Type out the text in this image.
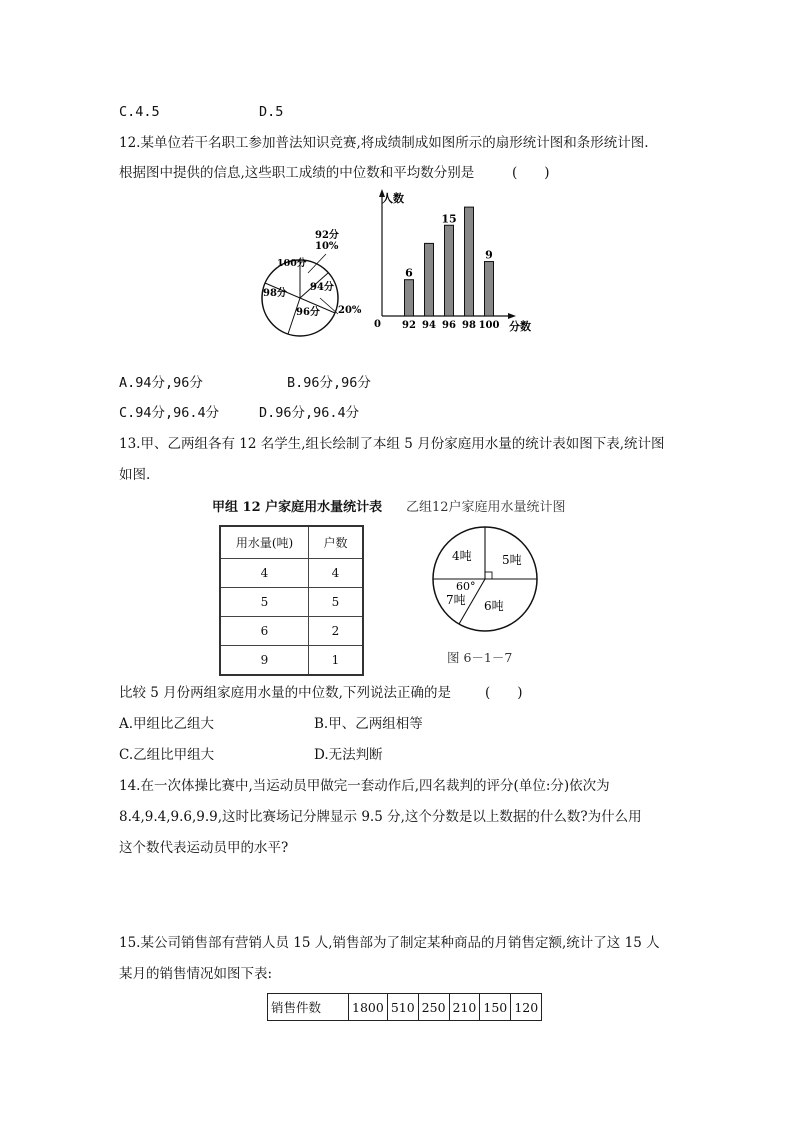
C.4.5	D.5
12.某单位若干名职工参加普法知识竞赛,将成绩制成如图所示的扇形统计图和条形统计图.
根据图中提供的信息,这些职工成绩的中位数和平均数分别是	(　　)
92分
10%
100分
94分
98分
96分 20%
人数
分数
0 92
6
94 96
15
98 100
9
A.94分,96分	B.96分,96分
C.94分,96.4分	D.96分,96.4分
13.甲、乙两组各有 12 名学生,组长绘制了本组 5 月份家庭用水量的统计表如图下表,统计图
如图.
甲组 12 户家庭用水量统计表 乙组12户家庭用水量统计图
用水量(吨)	户数
4	4
5	5
6	2
9	1
4吨	5吨
60°
7吨 6吨
图 6－1－7
比较 5 月份两组家庭用水量的中位数,下列说法正确的是	(　　)
A.甲组比乙组大	B.甲、乙两组相等
C.乙组比甲组大	D.无法判断
14.在一次体操比赛中,当运动员甲做完一套动作后,四名裁判的评分(单位:分)依次为
8.4,9.4,9.6,9.9,这时比赛场记分牌显示 9.5 分,这个分数是以上数据的什么数?为什么用
这个数代表运动员甲的水平?
15.某公司销售部有营销人员 15 人,销售部为了制定某种商品的月销售定额,统计了这 15 人
某月的销售情况如图下表:
销售件数	1800	510	250	210	150	120
